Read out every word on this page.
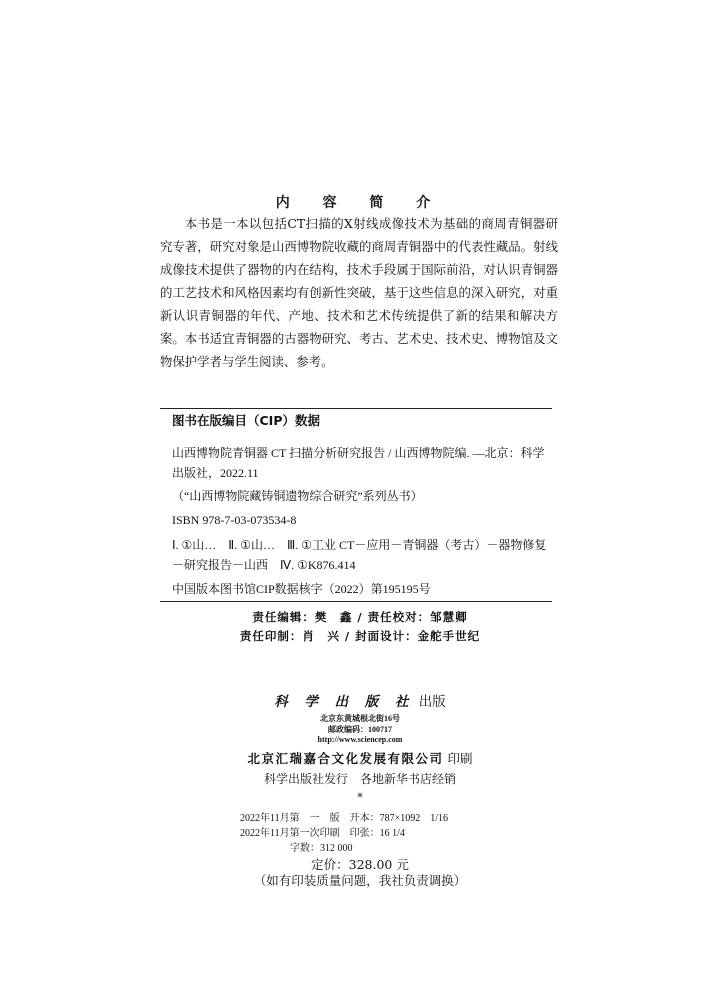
内 容 简 介

本书是一本以包括CT扫描的X射线成像技术为基础的商周青铜器研究专著，研究对象是山西博物院收藏的商周青铜器中的代表性藏品。射线成像技术提供了器物的内在结构，技术手段属于国际前沿，对认识青铜器的工艺技术和风格因素均有创新性突破，基于这些信息的深入研究，对重新认识青铜器的年代、产地、技术和艺术传统提供了新的结果和解决方案。 本书适宜青铜器的古器物研究、考古、艺术史、技术史、博物馆及文物保护学者与学生阅读、参考。

图书在版编目（CIP）数据
山西博物院青铜器 CT 扫描分析研究报告 / 山西博物院编. —北京：科学出版社，2022.11
（“山西博物院藏铸铜遗物综合研究”系列丛书）
ISBN 978-7-03-073534-8
Ⅰ. ①山…　Ⅱ. ①山…　Ⅲ. ①工业 CT－应用－青铜器（考古）－器物修复－研究报告－山西　Ⅳ. ①K876.414
中国版本图书馆CIP数据核字（2022）第195195号
责任编辑：樊　鑫 / 责任校对：邹慧卿
责任印制：肖　兴 / 封面设计：金舵手世纪
科 学 出 版 社 出版
北京东黄城根北街16号
邮政编码：100717
http://www.sciencep.com
北京汇瑞嘉合文化发展有限公司 印刷
科学出版社发行　各地新华书店经销
*
2022年11月第　一　版　开本：787×1092　1/16
2022年11月第一次印刷　印张：16 1/4
字数：312 000
定价：328.00 元
（如有印装质量问题，我社负责调换）
